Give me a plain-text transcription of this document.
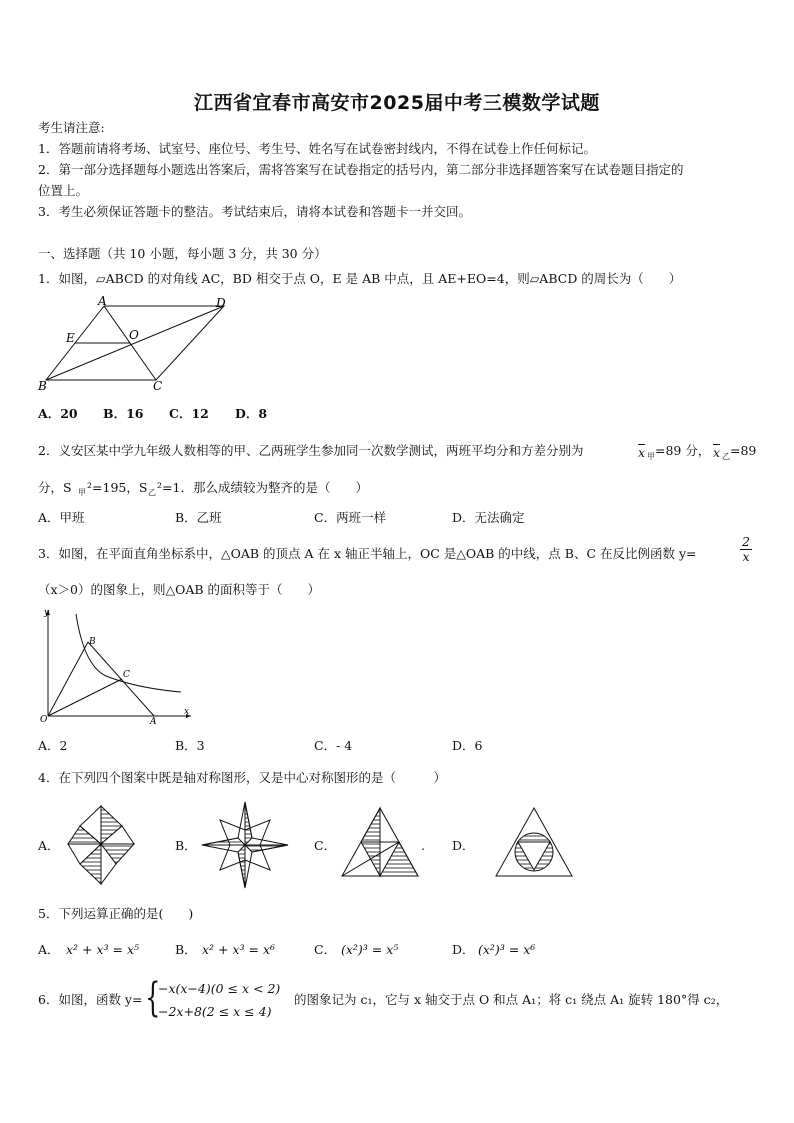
江西省宜春市高安市2025届中考三模数学试题
考生请注意:
1．答题前请将考场、试室号、座位号、考生号、姓名写在试卷密封线内，不得在试卷上作任何标记。
2．第一部分选择题每小题选出答案后，需将答案写在试卷指定的括号内，第二部分非选择题答案写在试卷题目指定的
位置上。
3．考生必须保证答题卡的整洁。考试结束后，请将本试卷和答题卡一并交回。
一、选择题（共 10 小题，每小题 3 分，共 30 分）
1．如图，▱ABCD 的对角线 AC，BD 相交于点 O，E 是 AB 中点，且 AE+EO=4，则▱ABCD 的周长为（　　）
A	D
E	O
B	C
A．20 B．16 C．12 D．8
2．义安区某中学九年级人数相等的甲、乙两班学生参加同一次数学测试，两班平均分和方差分别为	$\overline{x}$ 甲 =89 分， $\overline{x}$ 乙 =89
分，S 甲 ²=195，S 乙 ²=1．那么成绩较为整齐的是（　　）
A．甲班	B．乙班	C．两班一样	D．无法确定
3．如图，在平面直角坐标系中，△OAB 的顶点 A 在 x 轴正半轴上，OC 是△OAB 的中线，点 B、C 在反比例函数 y=	$\frac{2}{x}$
（x＞0）的图象上，则△OAB 的面积等于（　　）
y
x
O	A
B
C
A．2	B．3	C．- 4	D．6
4．在下列四个图案中既是轴对称图形，又是中心对称图形的是（　　　）
A．	B．	C．	. D．
5．下列运算正确的是(　　)
A． x² + x³ = x⁵	B． x² + x³ = x⁶	C． (x²)³ = x⁵	D． (x²)³ = x⁶
6．如图，函数 y= {
−x(x−4)(0 ≤ x < 2)
−2x+8(2 ≤ x ≤ 4)
的图象记为 c₁，它与 x 轴交于点 O 和点 A₁；将 c₁ 绕点 A₁ 旋转 180°得 c₂，
